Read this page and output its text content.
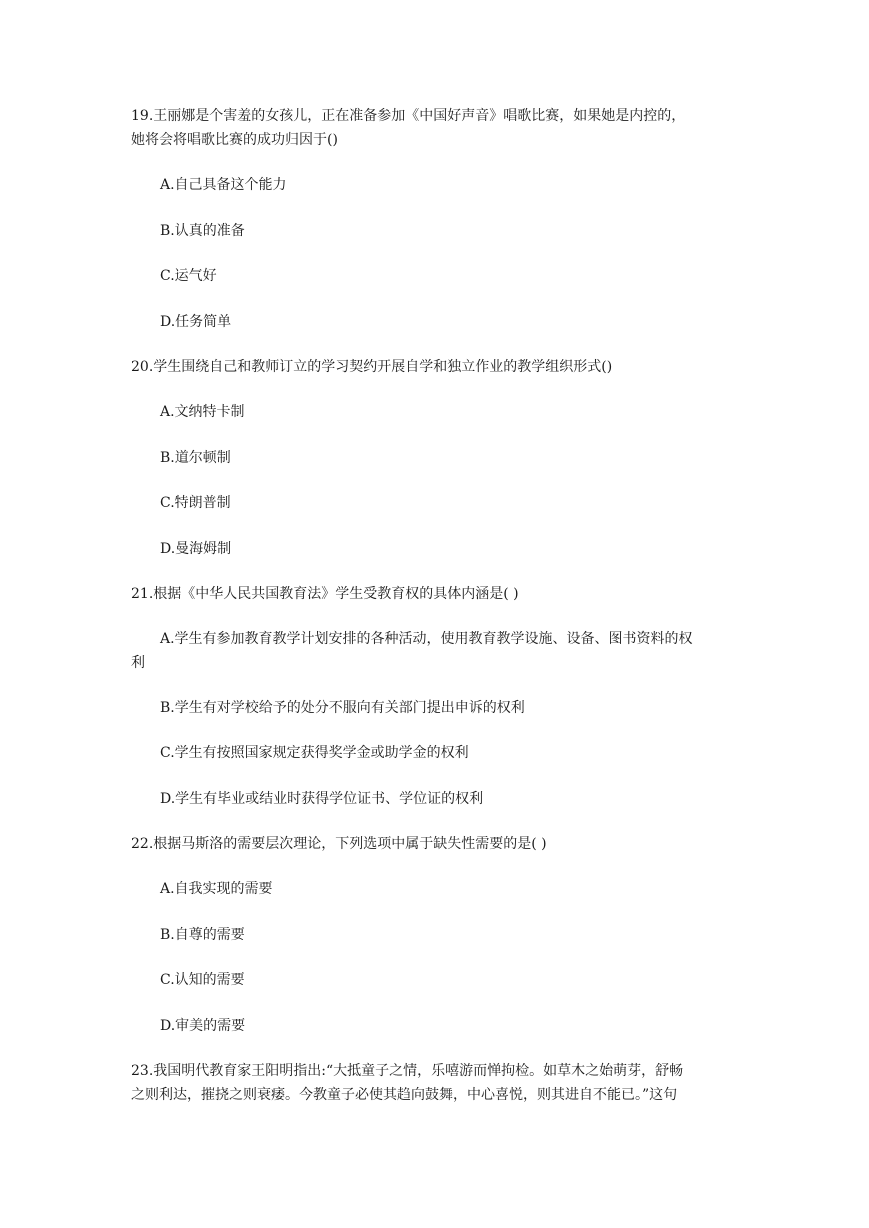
19.王丽娜是个害羞的女孩儿，正在准备参加《中国好声音》唱歌比赛，如果她是内控的，

她将会将唱歌比赛的成功归因于()

A.自己具备这个能力

B.认真的准备

C.运气好

D.任务简单

20.学生围绕自己和教师订立的学习契约开展自学和独立作业的教学组织形式()

A.文纳特卡制

B.道尔顿制

C.特朗普制

D.曼海姆制

21.根据《中华人民共国教育法》学生受教育权的具体内涵是( )

A.学生有参加教育教学计划安排的各种活动，使用教育教学设施、设备、图书资料的权

利

B.学生有对学校给予的处分不服向有关部门提出申诉的权利

C.学生有按照国家规定获得奖学金或助学金的权利

D.学生有毕业或结业时获得学位证书、学位证的权利

22.根据马斯洛的需要层次理论，下列选项中属于缺失性需要的是( )

A.自我实现的需要

B.自尊的需要

C.认知的需要

D.审美的需要

23.我国明代教育家王阳明指出:“大抵童子之情，乐嘻游而惮拘检。如草木之始萌芽，舒畅

之则利达，摧挠之则衰痿。今教童子必使其趋向鼓舞，中心喜悦，则其进自不能已。”这句
